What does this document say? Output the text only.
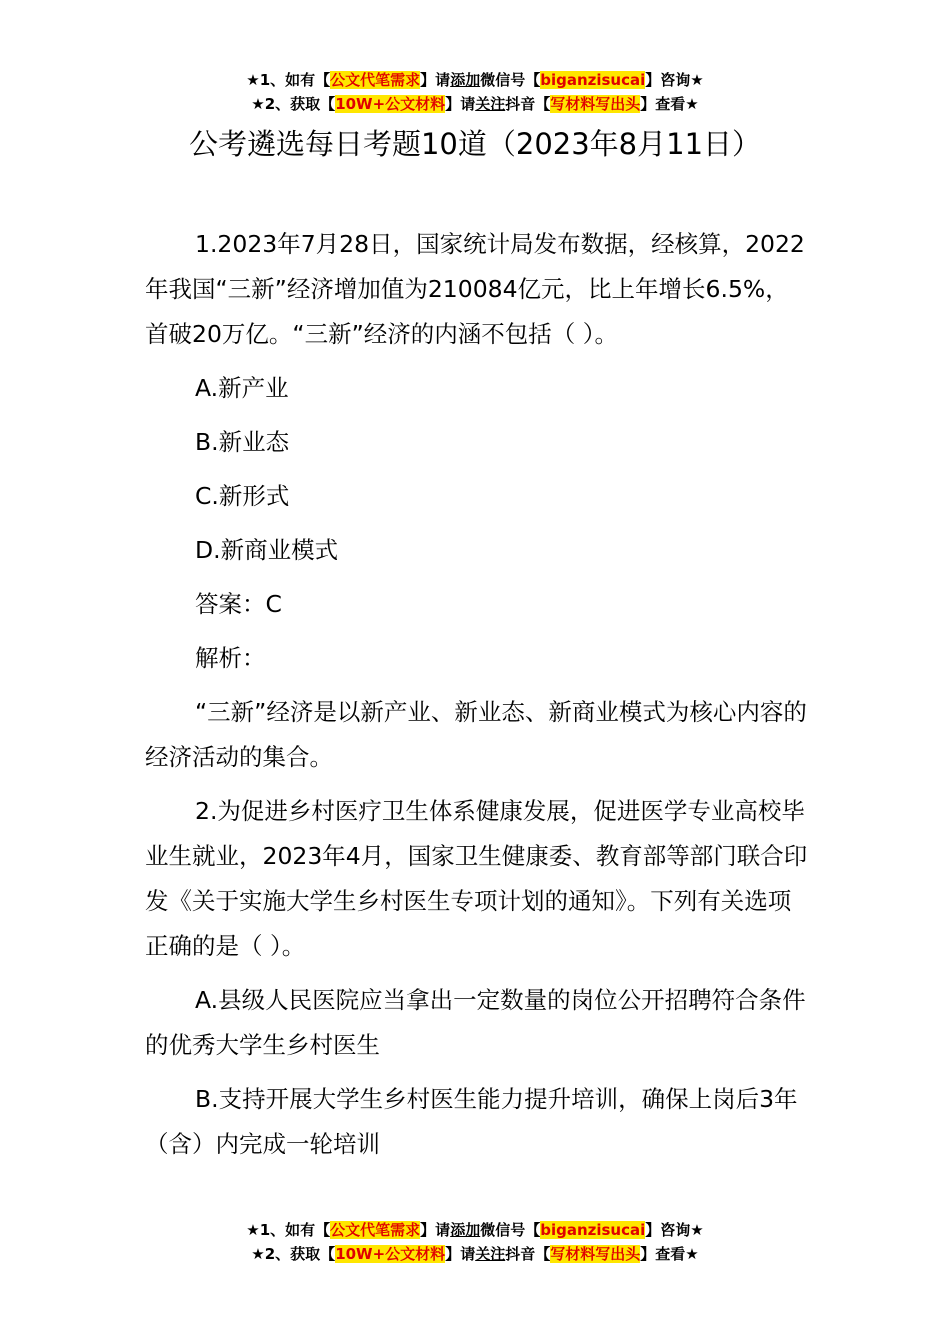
★1、如有【公文代笔需求】请添加微信号【biganzisucai】咨询★
★2、获取【10W+公文材料】请关注抖音【写材料写出头】查看★
公考遴选每日考题10道（2023年8月11日）

1.2023年7月28日，国家统计局发布数据，经核算，2022年我国“三新”经济增加值为210084亿元，比上年增长6.5%，首破20万亿。“三新”经济的内涵不包括（ ）。

A.新产业

B.新业态

C.新形式

D.新商业模式

答案：C

解析：

“三新”经济是以新产业、新业态、新商业模式为核心内容的经济活动的集合。

2.为促进乡村医疗卫生体系健康发展，促进医学专业高校毕业生就业，2023年4月，国家卫生健康委、教育部等部门联合印发《关于实施大学生乡村医生专项计划的通知》。下列有关选项正确的是（ ）。

A.县级人民医院应当拿出一定数量的岗位公开招聘符合条件的优秀大学生乡村医生

B.支持开展大学生乡村医生能力提升培训，确保上岗后3年（含）内完成一轮培训

★1、如有【公文代笔需求】请添加微信号【biganzisucai】咨询★
★2、获取【10W+公文材料】请关注抖音【写材料写出头】查看★
